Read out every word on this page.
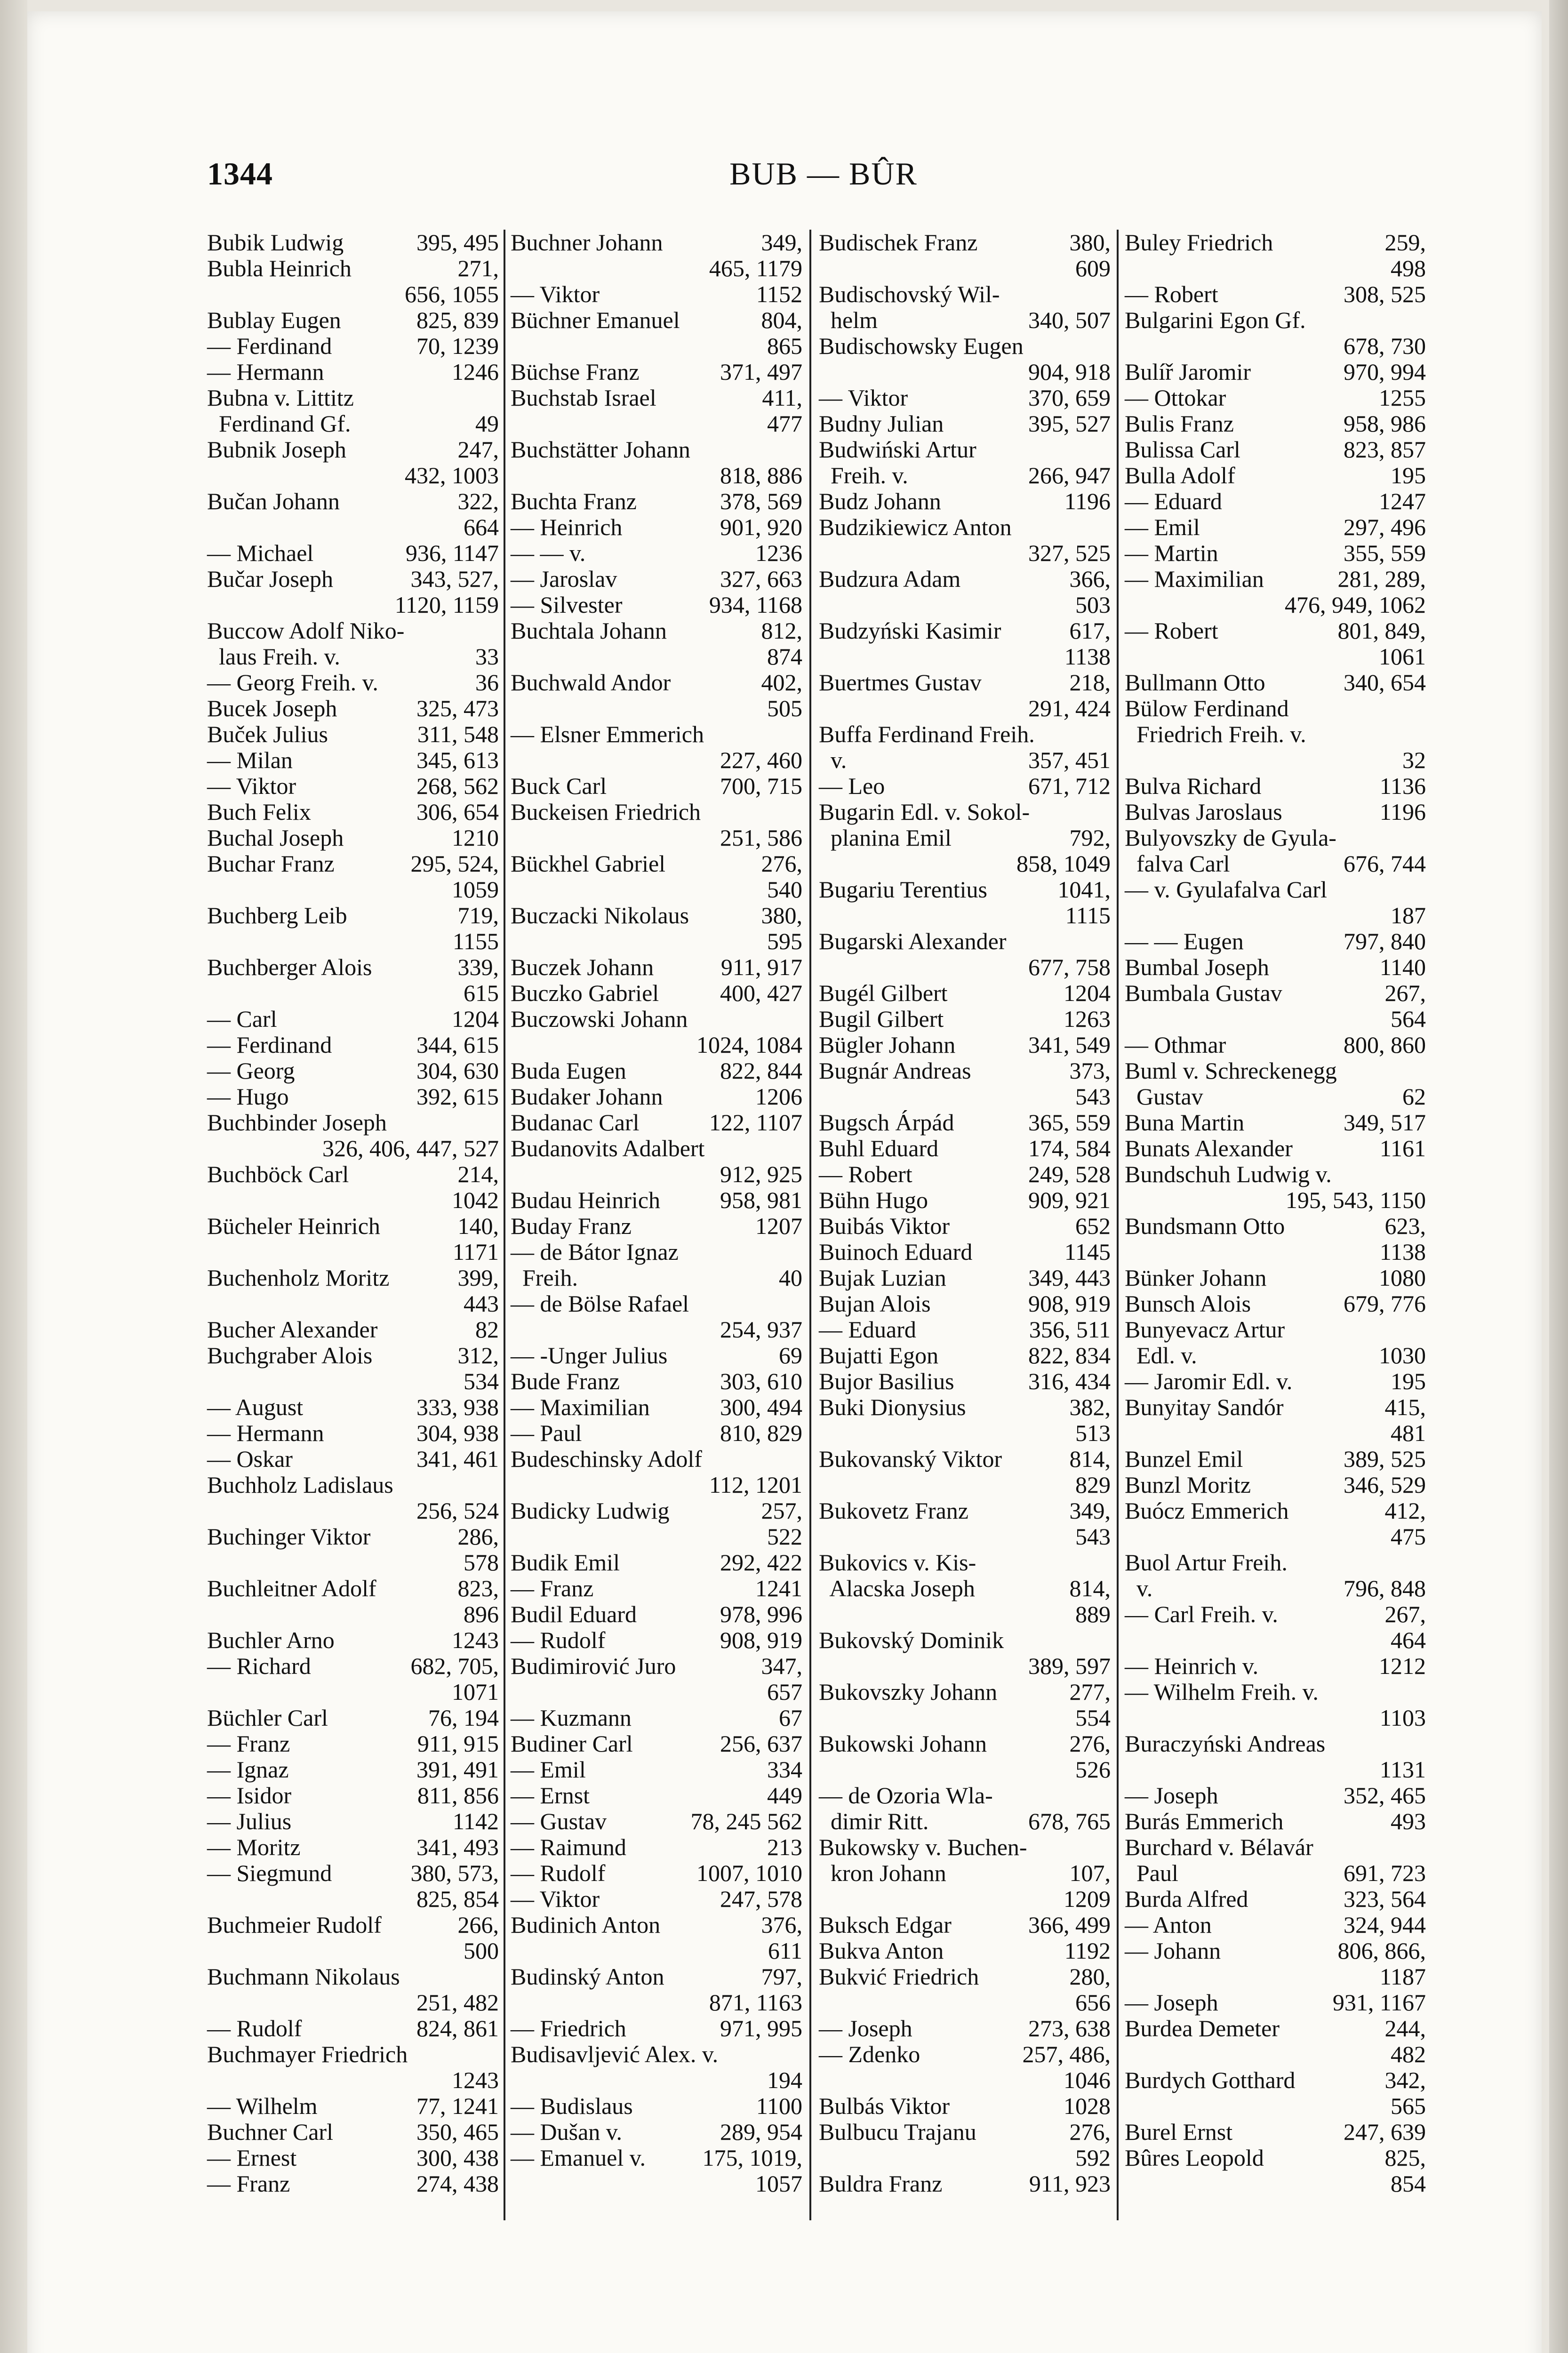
1344	BUB — BÛR
Bubik Ludwig	395, 495
Bubla Heinrich	271,
656, 1055
Bublay Eugen	825, 839
— Ferdinand	70, 1239
— Hermann	1246
Bubna v. Littitz
Ferdinand Gf.	49
Bubnik Joseph	247,
432, 1003
Bučan Johann	322,
664
— Michael	936, 1147
Bučar Joseph	343, 527,
1120, 1159
Buccow Adolf Niko-
laus Freih. v.	33
— Georg Freih. v.	36
Bucek Joseph	325, 473
Buček Julius	311, 548
— Milan	345, 613
— Viktor	268, 562
Buch Felix	306, 654
Buchal Joseph	1210
Buchar Franz	295, 524,
1059
Buchberg Leib	719,
1155
Buchberger Alois	339,
615
— Carl	1204
— Ferdinand	344, 615
— Georg	304, 630
— Hugo	392, 615
Buchbinder Joseph
326, 406, 447, 527
Buchböck Carl	214,
1042
Bücheler Heinrich	140,
1171
Buchenholz Moritz	399,
443
Bucher Alexander	82
Buchgraber Alois	312,
534
— August	333, 938
— Hermann	304, 938
— Oskar	341, 461
Buchholz Ladislaus
256, 524
Buchinger Viktor	286,
578
Buchleitner Adolf	823,
896
Buchler Arno	1243
— Richard	682, 705,
1071
Büchler Carl	76, 194
— Franz	911, 915
— Ignaz	391, 491
— Isidor	811, 856
— Julius	1142
— Moritz	341, 493
— Siegmund	380, 573,
825, 854
Buchmeier Rudolf	266,
500
Buchmann Nikolaus
251, 482
— Rudolf	824, 861
Buchmayer Friedrich
1243
— Wilhelm	77, 1241
Buchner Carl	350, 465
— Ernest	300, 438
— Franz	274, 438
Buchner Johann	349,
465, 1179
— Viktor	1152
Büchner Emanuel	804,
865
Büchse Franz	371, 497
Buchstab Israel	411,
477
Buchstätter Johann
818, 886
Buchta Franz	378, 569
— Heinrich	901, 920
— — v.	1236
— Jaroslav	327, 663
— Silvester	934, 1168
Buchtala Johann	812,
874
Buchwald Andor	402,
505
— Elsner Emmerich
227, 460
Buck Carl	700, 715
Buckeisen Friedrich
251, 586
Bückhel Gabriel	276,
540
Buczacki Nikolaus	380,
595
Buczek Johann	911, 917
Buczko Gabriel	400, 427
Buczowski Johann
1024, 1084
Buda Eugen	822, 844
Budaker Johann	1206
Budanac Carl	122, 1107
Budanovits Adalbert
912, 925
Budau Heinrich	958, 981
Buday Franz	1207
— de Bátor Ignaz
Freih.	40
— de Bölse Rafael
254, 937
— -Unger Julius	69
Bude Franz	303, 610
— Maximilian	300, 494
— Paul	810, 829
Budeschinsky Adolf
112, 1201
Budicky Ludwig	257,
522
Budik Emil	292, 422
— Franz	1241
Budil Eduard	978, 996
— Rudolf	908, 919
Budimirović Juro	347,
657
— Kuzmann	67
Budiner Carl	256, 637
— Emil	334
— Ernst	449
— Gustav	78, 245 562
— Raimund	213
— Rudolf	1007, 1010
— Viktor	247, 578
Budinich Anton	376,
611
Budinský Anton	797,
871, 1163
— Friedrich	971, 995
Budisavljević Alex. v.
194
— Budislaus	1100
— Dušan v.	289, 954
— Emanuel v. 175, 1019,
1057
Budischek Franz	380,
609
Budischovský Wil-
helm	340, 507
Budischowsky Eugen
904, 918
— Viktor	370, 659
Budny Julian	395, 527
Budwiński Artur
Freih. v.	266, 947
Budz Johann	1196
Budzikiewicz Anton
327, 525
Budzura Adam	366,
503
Budzyński Kasimir	617,
1138
Buertmes Gustav	218,
291, 424
Buffa Ferdinand Freih.
v.	357, 451
— Leo	671, 712
Bugarin Edl. v. Sokol-
planina Emil	792,
858, 1049
Bugariu Terentius	1041,
1115
Bugarski Alexander
677, 758
Bugél Gilbert	1204
Bugil Gilbert	1263
Bügler Johann	341, 549
Bugnár Andreas	373,
543
Bugsch Árpád	365, 559
Buhl Eduard	174, 584
— Robert	249, 528
Bühn Hugo	909, 921
Buibás Viktor	652
Buinoch Eduard	1145
Bujak Luzian	349, 443
Bujan Alois	908, 919
— Eduard	356, 511
Bujatti Egon	822, 834
Bujor Basilius	316, 434
Buki Dionysius	382,
513
Bukovanský Viktor	814,
829
Bukovetz Franz	349,
543
Bukovics v. Kis-
Alacska Joseph	814,
889
Bukovský Dominik
389, 597
Bukovszky Johann	277,
554
Bukowski Johann	276,
526
— de Ozoria Wla-
dimir Ritt.	678, 765
Bukowsky v. Buchen-
kron Johann	107,
1209
Buksch Edgar	366, 499
Bukva Anton	1192
Bukvić Friedrich	280,
656
— Joseph	273, 638
— Zdenko	257, 486,
1046
Bulbás Viktor	1028
Bulbucu Trajanu	276,
592
Buldra Franz	911, 923
Buley Friedrich	259,
498
— Robert	308, 525
Bulgarini Egon Gf.
678, 730
Bulíř Jaromir	970, 994
— Ottokar	1255
Bulis Franz	958, 986
Bulissa Carl	823, 857
Bulla Adolf	195
— Eduard	1247
— Emil	297, 496
— Martin	355, 559
— Maximilian	281, 289,
476, 949, 1062
— Robert	801, 849,
1061
Bullmann Otto	340, 654
Bülow Ferdinand
Friedrich Freih. v.
32
Bulva Richard	1136
Bulvas Jaroslaus	1196
Bulyovszky de Gyula-
falva Carl	676, 744
— v. Gyulafalva Carl
187
— — Eugen	797, 840
Bumbal Joseph	1140
Bumbala Gustav	267,
564
— Othmar	800, 860
Buml v. Schreckenegg
Gustav	62
Buna Martin	349, 517
Bunats Alexander	1161
Bundschuh Ludwig v.
195, 543, 1150
Bundsmann Otto	623,
1138
Bünker Johann	1080
Bunsch Alois	679, 776
Bunyevacz Artur
Edl. v.	1030
— Jaromir Edl. v.	195
Bunyitay Sandór	415,
481
Bunzel Emil	389, 525
Bunzl Moritz	346, 529
Buócz Emmerich	412,
475
Buol Artur Freih.
v.	796, 848
— Carl Freih. v.	267,
464
— Heinrich v.	1212
— Wilhelm Freih. v.
1103
Buraczyński Andreas
1131
— Joseph	352, 465
Burás Emmerich	493
Burchard v. Bélavár
Paul	691, 723
Burda Alfred	323, 564
— Anton	324, 944
— Johann	806, 866,
1187
— Joseph	931, 1167
Burdea Demeter	244,
482
Burdych Gotthard	342,
565
Burel Ernst	247, 639
Bûres Leopold	825,
854
